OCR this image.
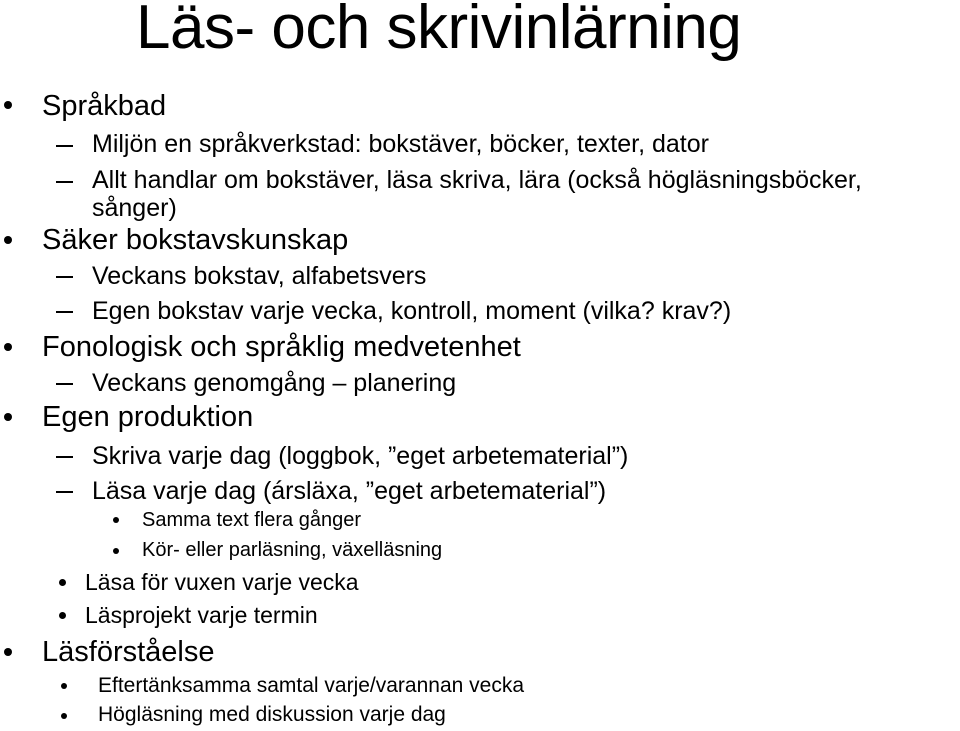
Läs- och skrivinlärning
Språkbad
Miljön en språkverkstad: bokstäver, böcker, texter, dator
Allt handlar om bokstäver, läsa skriva, lära (också högläsningsböcker,
sånger)
Säker bokstavskunskap
Veckans bokstav, alfabetsvers
Egen bokstav varje vecka, kontroll, moment (vilka? krav?)
Fonologisk och språklig medvetenhet
Veckans genomgång – planering
Egen produktion
Skriva varje dag (loggbok, ”eget arbetematerial”)
Läsa varje dag (ársläxa, ”eget arbetematerial”)
Samma text flera gånger
Kör- eller parläsning, växelläsning
Läsa för vuxen varje vecka
Läsprojekt varje termin
Läsförståelse
Eftertänksamma samtal varje/varannan vecka
Högläsning med diskussion varje dag
